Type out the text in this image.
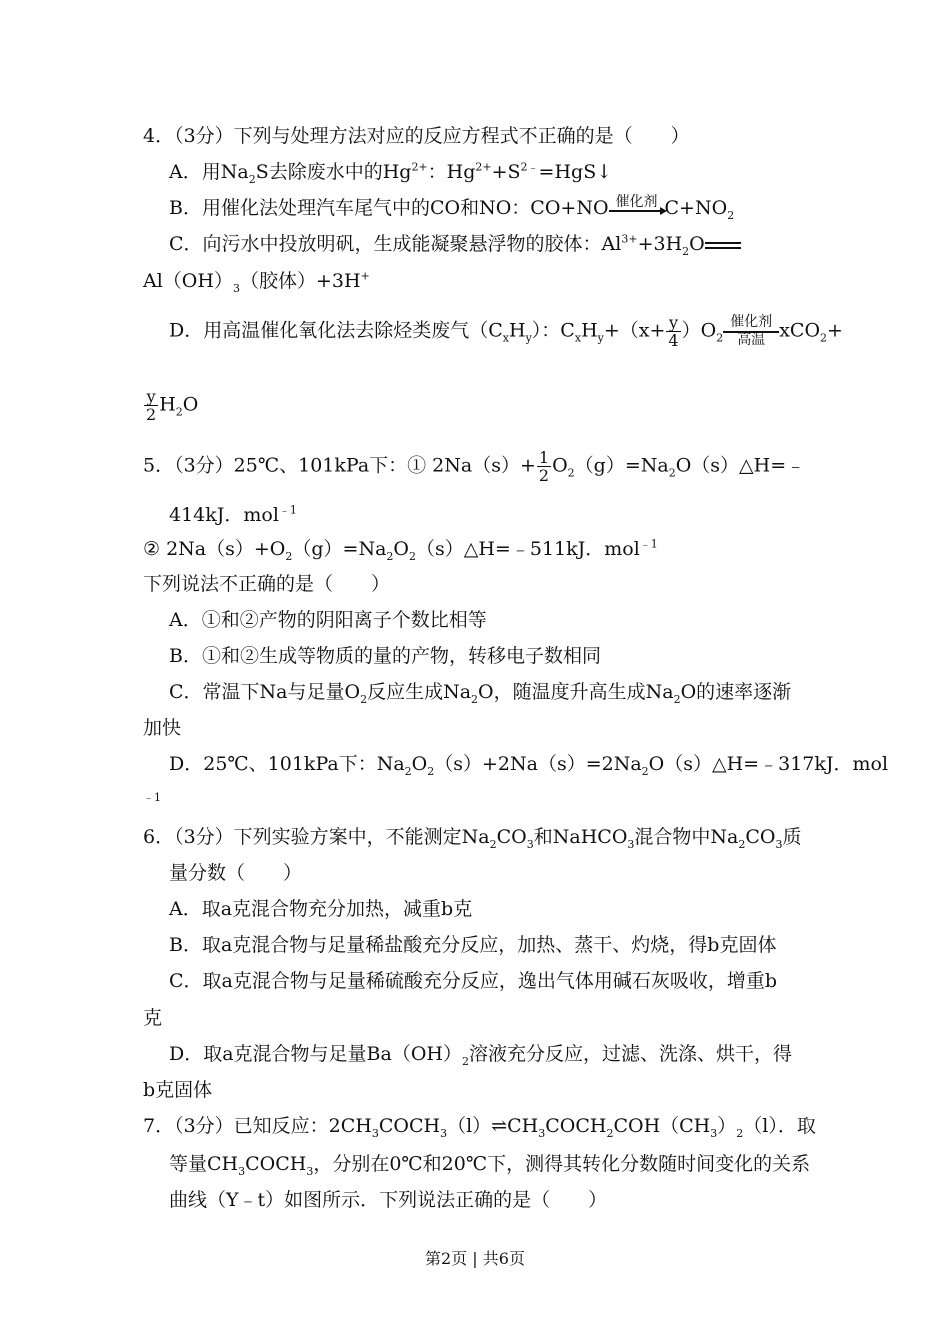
4．（3分）下列与处理方法对应的反应方程式不正确的是（　　）
A．用$Na_2S$去除废水中的$Hg^{2+}$：$Hg^{2+}+S^{2﹣}=HgS↓$
B．用催化法处理汽车尾气中的CO和NO：CO+NO 催化剂 $C+NO_2$
C．向污水中投放明矾，生成能凝聚悬浮物的胶体：$Al^{3+}+3H_2O$
$Al(OH)_3$（胶体）+3H+
D．用高温催化氧化法去除烃类废气$(C_xH_y)$：$C_xH_y+(x+ \frac{y}{4} )O_2$
催化剂
高温 xCO$_2$+
$\frac{y}{2} H_2O$
5．（3分）25℃、101kPa下：① $2Na(s)+ \frac{1}{2}$ $O_2(g)=Na_2O(s)\triangle H=﹣$
414kJ．mol$^{﹣1}$
② $2Na(s)+O_2(g)=Na_2O_2(s)\triangle H=﹣511kJ$．mol$^{﹣1}$
下列说法不正确的是（　　）
A．①和②产物的阴阳离子个数比相等
B．①和②生成等物质的量的产物，转移电子数相同
C．常温下Na与足量$O_2$反应生成$Na_2O$，随温度升高生成$Na_2O$的速率逐渐
加快
D．25℃、101kPa下：$Na_2O_2(s)+2Na(s)=2Na_2O(s)\triangle H=﹣317kJ$．mol
﹣1
6．（3分）下列实验方案中，不能测定$Na_2CO_3$和NaHCO$_3$混合物中$Na_2CO_3$质
量分数（　　）
A．取a克混合物充分加热，减重b克
B．取a克混合物与足量稀盐酸充分反应，加热、蒸干、灼烧，得b克固体
C．取a克混合物与足量稀硫酸充分反应，逸出气体用碱石灰吸收，增重b
克
D．取a克混合物与足量$Ba(OH)_2$溶液充分反应，过滤、洗涤、烘干，得
b克固体
7．（3分）已知反应：$2CH_3COCH_3(l)\rightleftharpoons CH_3COCH_2COH(CH_3)_2(l)$．取
等量$CH_3COCH_3$，分别在0℃和20℃下，测得其转化分数随时间变化的关系
曲线（Y﹣t）如图所示．下列说法正确的是（　　）
第2页 | 共6页
